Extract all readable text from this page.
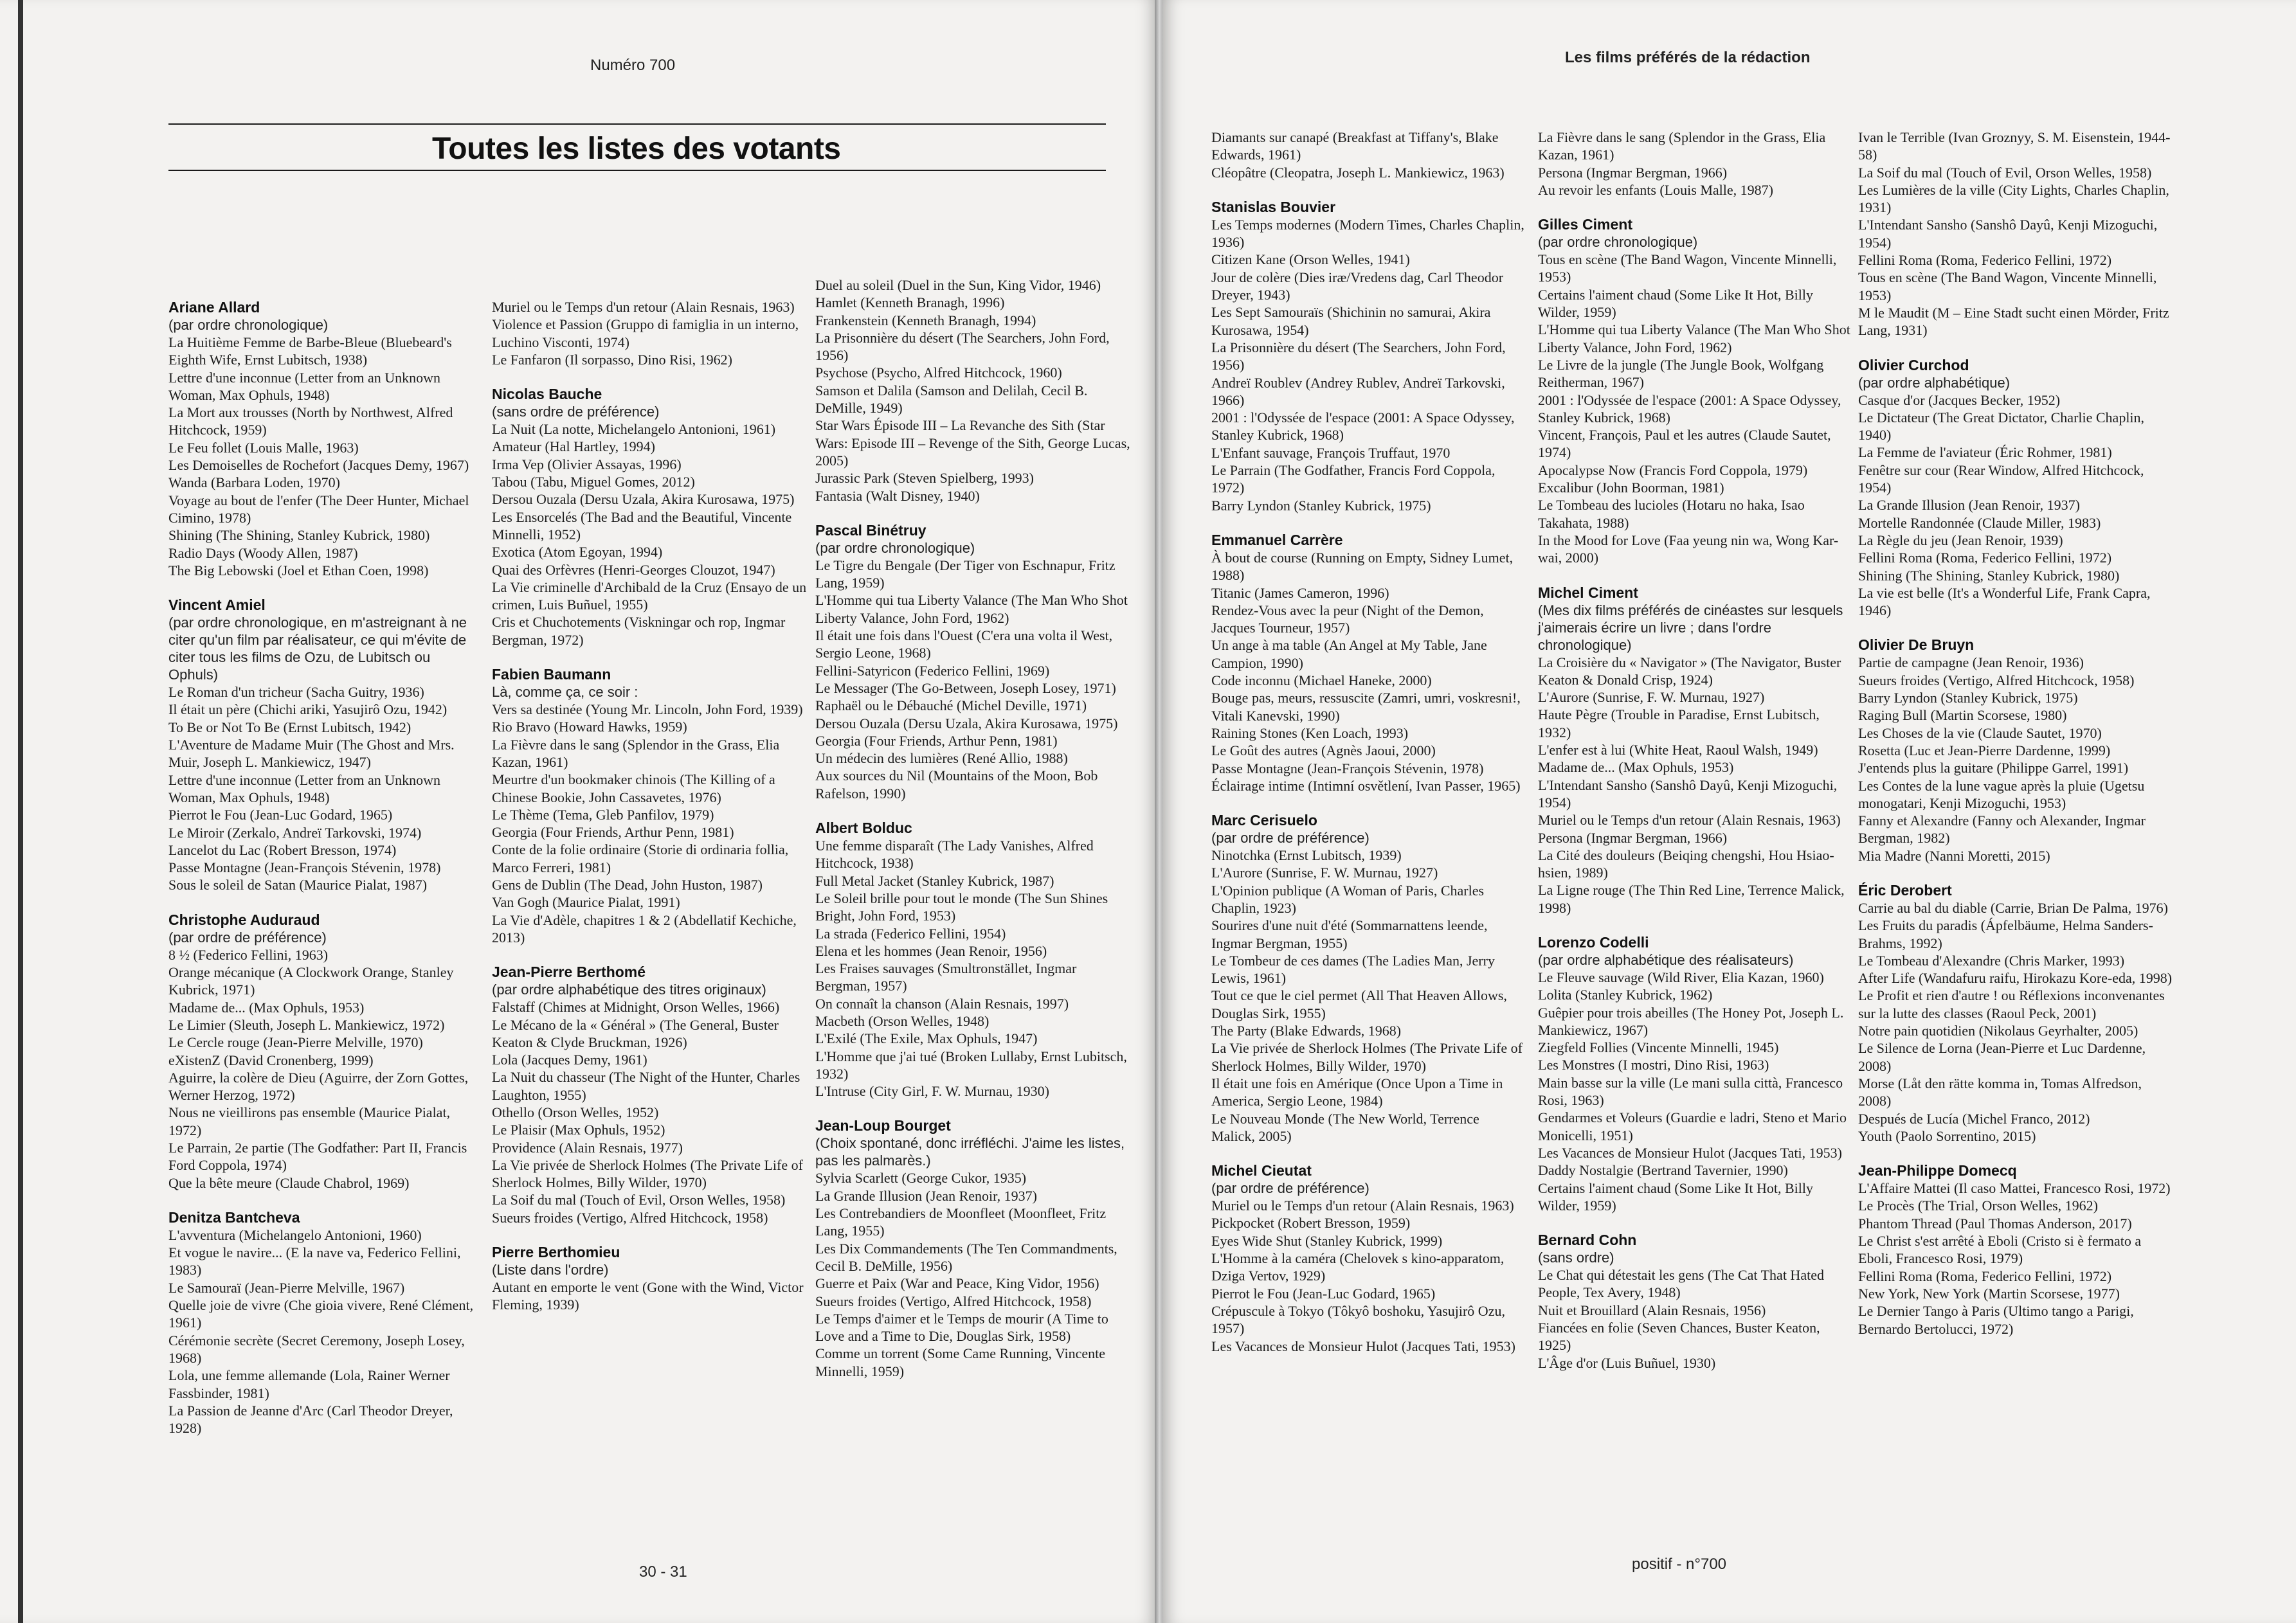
Numéro 700
Toutes les listes des votants
Ariane Allard
(par ordre chronologique)
La Huitième Femme de Barbe-Bleue (Bluebeard's Eighth Wife, Ernst Lubitsch, 1938)
Lettre d'une inconnue (Letter from an Unknown Woman, Max Ophuls, 1948)
La Mort aux trousses (North by Northwest, Alfred Hitchcock, 1959)
Le Feu follet (Louis Malle, 1963)
Les Demoiselles de Rochefort (Jacques Demy, 1967)
Wanda (Barbara Loden, 1970)
Voyage au bout de l'enfer (The Deer Hunter, Michael Cimino, 1978)
Shining (The Shining, Stanley Kubrick, 1980)
Radio Days (Woody Allen, 1987)
The Big Lebowski (Joel et Ethan Coen, 1998)
Vincent Amiel
(par ordre chronologique, en m'astreignant à ne citer qu'un film par réalisateur, ce qui m'évite de citer tous les films de Ozu, de Lubitsch ou Ophuls)
Le Roman d'un tricheur (Sacha Guitry, 1936)
Il était un père (Chichi ariki, Yasujirô Ozu, 1942)
To Be or Not To Be (Ernst Lubitsch, 1942)
L'Aventure de Madame Muir (The Ghost and Mrs. Muir, Joseph L. Mankiewicz, 1947)
Lettre d'une inconnue (Letter from an Unknown Woman, Max Ophuls, 1948)
Pierrot le Fou (Jean-Luc Godard, 1965)
Le Miroir (Zerkalo, Andreï Tarkovski, 1974)
Lancelot du Lac (Robert Bresson, 1974)
Passe Montagne (Jean-François Stévenin, 1978)
Sous le soleil de Satan (Maurice Pialat, 1987)
Christophe Auduraud
(par ordre de préférence)
8 ½ (Federico Fellini, 1963)
Orange mécanique (A Clockwork Orange, Stanley Kubrick, 1971)
Madame de... (Max Ophuls, 1953)
Le Limier (Sleuth, Joseph L. Mankiewicz, 1972)
Le Cercle rouge (Jean-Pierre Melville, 1970)
eXistenZ (David Cronenberg, 1999)
Aguirre, la colère de Dieu (Aguirre, der Zorn Gottes, Werner Herzog, 1972)
Nous ne vieillirons pas ensemble (Maurice Pialat, 1972)
Le Parrain, 2e partie (The Godfather: Part II, Francis Ford Coppola, 1974)
Que la bête meure (Claude Chabrol, 1969)
Denitza Bantcheva
L'avventura (Michelangelo Antonioni, 1960)
Et vogue le navire... (E la nave va, Federico Fellini, 1983)
Le Samouraï (Jean-Pierre Melville, 1967)
Quelle joie de vivre (Che gioia vivere, René Clément, 1961)
Cérémonie secrète (Secret Ceremony, Joseph Losey, 1968)
Lola, une femme allemande (Lola, Rainer Werner Fassbinder, 1981)
La Passion de Jeanne d'Arc (Carl Theodor Dreyer, 1928)
Muriel ou le Temps d'un retour (Alain Resnais, 1963)
Violence et Passion (Gruppo di famiglia in un interno, Luchino Visconti, 1974)
Le Fanfaron (Il sorpasso, Dino Risi, 1962)
Nicolas Bauche
(sans ordre de préférence)
La Nuit (La notte, Michelangelo Antonioni, 1961)
Amateur (Hal Hartley, 1994)
Irma Vep (Olivier Assayas, 1996)
Tabou (Tabu, Miguel Gomes, 2012)
Dersou Ouzala (Dersu Uzala, Akira Kurosawa, 1975)
Les Ensorcelés (The Bad and the Beautiful, Vincente Minnelli, 1952)
Exotica (Atom Egoyan, 1994)
Quai des Orfèvres (Henri-Georges Clouzot, 1947)
La Vie criminelle d'Archibald de la Cruz (Ensayo de un crimen, Luis Buñuel, 1955)
Cris et Chuchotements (Viskningar och rop, Ingmar Bergman, 1972)
Fabien Baumann
Là, comme ça, ce soir :
Vers sa destinée (Young Mr. Lincoln, John Ford, 1939)
Rio Bravo (Howard Hawks, 1959)
La Fièvre dans le sang (Splendor in the Grass, Elia Kazan, 1961)
Meurtre d'un bookmaker chinois (The Killing of a Chinese Bookie, John Cassavetes, 1976)
Le Thème (Tema, Gleb Panfilov, 1979)
Georgia (Four Friends, Arthur Penn, 1981)
Conte de la folie ordinaire (Storie di ordinaria follia, Marco Ferreri, 1981)
Gens de Dublin (The Dead, John Huston, 1987)
Van Gogh (Maurice Pialat, 1991)
La Vie d'Adèle, chapitres 1 & 2 (Abdellatif Kechiche, 2013)
Jean-Pierre Berthomé
(par ordre alphabétique des titres originaux)
Falstaff (Chimes at Midnight, Orson Welles, 1966)
Le Mécano de la « Général » (The General, Buster Keaton & Clyde Bruckman, 1926)
Lola (Jacques Demy, 1961)
La Nuit du chasseur (The Night of the Hunter, Charles Laughton, 1955)
Othello (Orson Welles, 1952)
Le Plaisir (Max Ophuls, 1952)
Providence (Alain Resnais, 1977)
La Vie privée de Sherlock Holmes (The Private Life of Sherlock Holmes, Billy Wilder, 1970)
La Soif du mal (Touch of Evil, Orson Welles, 1958)
Sueurs froides (Vertigo, Alfred Hitchcock, 1958)
Pierre Berthomieu
(Liste dans l'ordre)
Autant en emporte le vent (Gone with the Wind, Victor Fleming, 1939)
Duel au soleil (Duel in the Sun, King Vidor, 1946)
Hamlet (Kenneth Branagh, 1996)
Frankenstein (Kenneth Branagh, 1994)
La Prisonnière du désert (The Searchers, John Ford, 1956)
Psychose (Psycho, Alfred Hitchcock, 1960)
Samson et Dalila (Samson and Delilah, Cecil B. DeMille, 1949)
Star Wars Épisode III – La Revanche des Sith (Star Wars: Episode III – Revenge of the Sith, George Lucas, 2005)
Jurassic Park (Steven Spielberg, 1993)
Fantasia (Walt Disney, 1940)
Pascal Binétruy
(par ordre chronologique)
Le Tigre du Bengale (Der Tiger von Eschnapur, Fritz Lang, 1959)
L'Homme qui tua Liberty Valance (The Man Who Shot Liberty Valance, John Ford, 1962)
Il était une fois dans l'Ouest (C'era una volta il West, Sergio Leone, 1968)
Fellini-Satyricon (Federico Fellini, 1969)
Le Messager (The Go-Between, Joseph Losey, 1971)
Raphaël ou le Débauché (Michel Deville, 1971)
Dersou Ouzala (Dersu Uzala, Akira Kurosawa, 1975)
Georgia (Four Friends, Arthur Penn, 1981)
Un médecin des lumières (René Allio, 1988)
Aux sources du Nil (Mountains of the Moon, Bob Rafelson, 1990)
Albert Bolduc
Une femme disparaît (The Lady Vanishes, Alfred Hitchcock, 1938)
Full Metal Jacket (Stanley Kubrick, 1987)
Le Soleil brille pour tout le monde (The Sun Shines Bright, John Ford, 1953)
La strada (Federico Fellini, 1954)
Elena et les hommes (Jean Renoir, 1956)
Les Fraises sauvages (Smultronstället, Ingmar Bergman, 1957)
On connaît la chanson (Alain Resnais, 1997)
Macbeth (Orson Welles, 1948)
L'Exilé (The Exile, Max Ophuls, 1947)
L'Homme que j'ai tué (Broken Lullaby, Ernst Lubitsch, 1932)
L'Intruse (City Girl, F. W. Murnau, 1930)
Jean-Loup Bourget
(Choix spontané, donc irréfléchi. J'aime les listes, pas les palmarès.)
Sylvia Scarlett (George Cukor, 1935)
La Grande Illusion (Jean Renoir, 1937)
Les Contrebandiers de Moonfleet (Moonfleet, Fritz Lang, 1955)
Les Dix Commandements (The Ten Commandments, Cecil B. DeMille, 1956)
Guerre et Paix (War and Peace, King Vidor, 1956)
Sueurs froides (Vertigo, Alfred Hitchcock, 1958)
Le Temps d'aimer et le Temps de mourir (A Time to Love and a Time to Die, Douglas Sirk, 1958)
Comme un torrent (Some Came Running, Vincente Minnelli, 1959)
30 - 31
Les films préférés de la rédaction
Diamants sur canapé (Breakfast at Tiffany's, Blake Edwards, 1961)
Cléopâtre (Cleopatra, Joseph L. Mankiewicz, 1963)
Stanislas Bouvier
Les Temps modernes (Modern Times, Charles Chaplin, 1936)
Citizen Kane (Orson Welles, 1941)
Jour de colère (Dies iræ/Vredens dag, Carl Theodor Dreyer, 1943)
Les Sept Samouraïs (Shichinin no samurai, Akira Kurosawa, 1954)
La Prisonnière du désert (The Searchers, John Ford, 1956)
Andreï Roublev (Andrey Rublev, Andreï Tarkovski, 1966)
2001 : l'Odyssée de l'espace (2001: A Space Odyssey, Stanley Kubrick, 1968)
L'Enfant sauvage, François Truffaut, 1970
Le Parrain (The Godfather, Francis Ford Coppola, 1972)
Barry Lyndon (Stanley Kubrick, 1975)
Emmanuel Carrère
À bout de course (Running on Empty, Sidney Lumet, 1988)
Titanic (James Cameron, 1996)
Rendez-Vous avec la peur (Night of the Demon, Jacques Tourneur, 1957)
Un ange à ma table (An Angel at My Table, Jane Campion, 1990)
Code inconnu (Michael Haneke, 2000)
Bouge pas, meurs, ressuscite (Zamri, umri, voskresni!, Vitali Kanevski, 1990)
Raining Stones (Ken Loach, 1993)
Le Goût des autres (Agnès Jaoui, 2000)
Passe Montagne (Jean-François Stévenin, 1978)
Éclairage intime (Intimní osvětlení, Ivan Passer, 1965)
Marc Cerisuelo
(par ordre de préférence)
Ninotchka (Ernst Lubitsch, 1939)
L'Aurore (Sunrise, F. W. Murnau, 1927)
L'Opinion publique (A Woman of Paris, Charles Chaplin, 1923)
Sourires d'une nuit d'été (Sommarnattens leende, Ingmar Bergman, 1955)
Le Tombeur de ces dames (The Ladies Man, Jerry Lewis, 1961)
Tout ce que le ciel permet (All That Heaven Allows, Douglas Sirk, 1955)
The Party (Blake Edwards, 1968)
La Vie privée de Sherlock Holmes (The Private Life of Sherlock Holmes, Billy Wilder, 1970)
Il était une fois en Amérique (Once Upon a Time in America, Sergio Leone, 1984)
Le Nouveau Monde (The New World, Terrence Malick, 2005)
Michel Cieutat
(par ordre de préférence)
Muriel ou le Temps d'un retour (Alain Resnais, 1963)
Pickpocket (Robert Bresson, 1959)
Eyes Wide Shut (Stanley Kubrick, 1999)
L'Homme à la caméra (Chelovek s kino-apparatom, Dziga Vertov, 1929)
Pierrot le Fou (Jean-Luc Godard, 1965)
Crépuscule à Tokyo (Tôkyô boshoku, Yasujirô Ozu, 1957)
Les Vacances de Monsieur Hulot (Jacques Tati, 1953)
La Fièvre dans le sang (Splendor in the Grass, Elia Kazan, 1961)
Persona (Ingmar Bergman, 1966)
Au revoir les enfants (Louis Malle, 1987)
Gilles Ciment
(par ordre chronologique)
Tous en scène (The Band Wagon, Vincente Minnelli, 1953)
Certains l'aiment chaud (Some Like It Hot, Billy Wilder, 1959)
L'Homme qui tua Liberty Valance (The Man Who Shot Liberty Valance, John Ford, 1962)
Le Livre de la jungle (The Jungle Book, Wolfgang Reitherman, 1967)
2001 : l'Odyssée de l'espace (2001: A Space Odyssey, Stanley Kubrick, 1968)
Vincent, François, Paul et les autres (Claude Sautet, 1974)
Apocalypse Now (Francis Ford Coppola, 1979)
Excalibur (John Boorman, 1981)
Le Tombeau des lucioles (Hotaru no haka, Isao Takahata, 1988)
In the Mood for Love (Faa yeung nin wa, Wong Kar-wai, 2000)
Michel Ciment
(Mes dix films préférés de cinéastes sur lesquels j'aimerais écrire un livre ; dans l'ordre chronologique)
La Croisière du « Navigator » (The Navigator, Buster Keaton & Donald Crisp, 1924)
L'Aurore (Sunrise, F. W. Murnau, 1927)
Haute Pègre (Trouble in Paradise, Ernst Lubitsch, 1932)
L'enfer est à lui (White Heat, Raoul Walsh, 1949)
Madame de... (Max Ophuls, 1953)
L'Intendant Sansho (Sanshô Dayû, Kenji Mizoguchi, 1954)
Muriel ou le Temps d'un retour (Alain Resnais, 1963)
Persona (Ingmar Bergman, 1966)
La Cité des douleurs (Beiqing chengshi, Hou Hsiao-hsien, 1989)
La Ligne rouge (The Thin Red Line, Terrence Malick, 1998)
Lorenzo Codelli
(par ordre alphabétique des réalisateurs)
Le Fleuve sauvage (Wild River, Elia Kazan, 1960)
Lolita (Stanley Kubrick, 1962)
Guêpier pour trois abeilles (The Honey Pot, Joseph L. Mankiewicz, 1967)
Ziegfeld Follies (Vincente Minnelli, 1945)
Les Monstres (I mostri, Dino Risi, 1963)
Main basse sur la ville (Le mani sulla città, Francesco Rosi, 1963)
Gendarmes et Voleurs (Guardie e ladri, Steno et Mario Monicelli, 1951)
Les Vacances de Monsieur Hulot (Jacques Tati, 1953)
Daddy Nostalgie (Bertrand Tavernier, 1990)
Certains l'aiment chaud (Some Like It Hot, Billy Wilder, 1959)
Bernard Cohn
(sans ordre)
Le Chat qui détestait les gens (The Cat That Hated People, Tex Avery, 1948)
Nuit et Brouillard (Alain Resnais, 1956)
Fiancées en folie (Seven Chances, Buster Keaton, 1925)
L'Âge d'or (Luis Buñuel, 1930)
Ivan le Terrible (Ivan Groznyy, S. M. Eisenstein, 1944-58)
La Soif du mal (Touch of Evil, Orson Welles, 1958)
Les Lumières de la ville (City Lights, Charles Chaplin, 1931)
L'Intendant Sansho (Sanshô Dayû, Kenji Mizoguchi, 1954)
Fellini Roma (Roma, Federico Fellini, 1972)
Tous en scène (The Band Wagon, Vincente Minnelli, 1953)
M le Maudit (M – Eine Stadt sucht einen Mörder, Fritz Lang, 1931)
Olivier Curchod
(par ordre alphabétique)
Casque d'or (Jacques Becker, 1952)
Le Dictateur (The Great Dictator, Charlie Chaplin, 1940)
La Femme de l'aviateur (Éric Rohmer, 1981)
Fenêtre sur cour (Rear Window, Alfred Hitchcock, 1954)
La Grande Illusion (Jean Renoir, 1937)
Mortelle Randonnée (Claude Miller, 1983)
La Règle du jeu (Jean Renoir, 1939)
Fellini Roma (Roma, Federico Fellini, 1972)
Shining (The Shining, Stanley Kubrick, 1980)
La vie est belle (It's a Wonderful Life, Frank Capra, 1946)
Olivier De Bruyn
Partie de campagne (Jean Renoir, 1936)
Sueurs froides (Vertigo, Alfred Hitchcock, 1958)
Barry Lyndon (Stanley Kubrick, 1975)
Raging Bull (Martin Scorsese, 1980)
Les Choses de la vie (Claude Sautet, 1970)
Rosetta (Luc et Jean-Pierre Dardenne, 1999)
J'entends plus la guitare (Philippe Garrel, 1991)
Les Contes de la lune vague après la pluie (Ugetsu monogatari, Kenji Mizoguchi, 1953)
Fanny et Alexandre (Fanny och Alexander, Ingmar Bergman, 1982)
Mia Madre (Nanni Moretti, 2015)
Éric Derobert
Carrie au bal du diable (Carrie, Brian De Palma, 1976)
Les Fruits du paradis (Ápfelbäume, Helma Sanders-Brahms, 1992)
Le Tombeau d'Alexandre (Chris Marker, 1993)
After Life (Wandafuru raifu, Hirokazu Kore-eda, 1998)
Le Profit et rien d'autre ! ou Réflexions inconvenantes sur la lutte des classes (Raoul Peck, 2001)
Notre pain quotidien (Nikolaus Geyrhalter, 2005)
Le Silence de Lorna (Jean-Pierre et Luc Dardenne, 2008)
Morse (Låt den rätte komma in, Tomas Alfredson, 2008)
Después de Lucía (Michel Franco, 2012)
Youth (Paolo Sorrentino, 2015)
Jean-Philippe Domecq
L'Affaire Mattei (Il caso Mattei, Francesco Rosi, 1972)
Le Procès (The Trial, Orson Welles, 1962)
Phantom Thread (Paul Thomas Anderson, 2017)
Le Christ s'est arrêté à Eboli (Cristo si è fermato a Eboli, Francesco Rosi, 1979)
Fellini Roma (Roma, Federico Fellini, 1972)
New York, New York (Martin Scorsese, 1977)
Le Dernier Tango à Paris (Ultimo tango a Parigi, Bernardo Bertolucci, 1972)
positif - n°700
